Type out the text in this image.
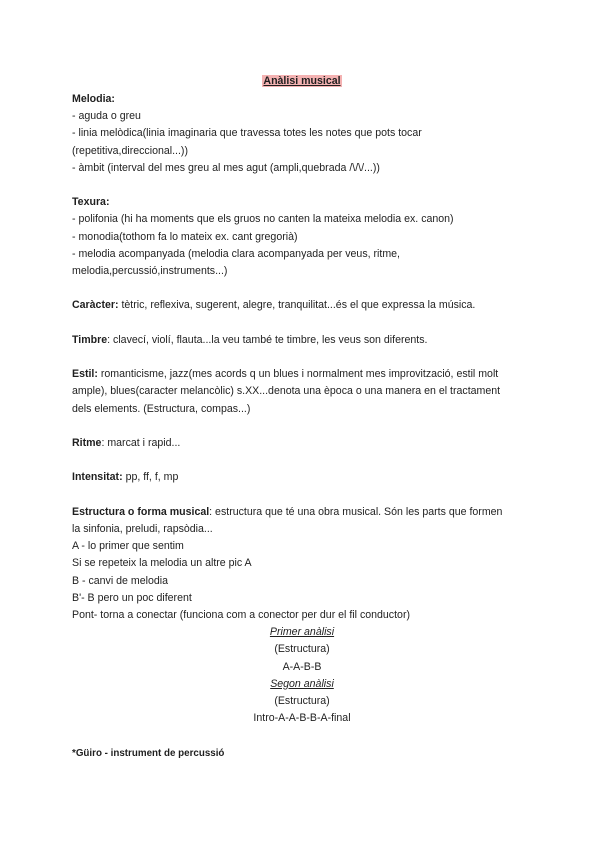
Anàlisi musical
Melodia:
- aguda o greu
- linia melòdica(linia imaginaria que travessa totes les notes que pots tocar
(repetitiva,direccional...))
- àmbit (interval del mes greu al mes agut (ampli,quebrada /\/\/...))
Texura:
- polifonia (hi ha moments que els gruos no canten la mateixa melodia ex. canon)
- monodia(tothom fa lo mateix ex. cant gregorià)
- melodia acompanyada (melodia clara acompanyada per veus, ritme,
melodia,percussió,instruments...)
Caràcter: tètric, reflexiva, sugerent, alegre, tranquilitat...és el que expressa la música.
Timbre: clavecí, violí, flauta...la veu també te timbre, les veus son diferents.
Estil: romanticisme, jazz(mes acords q un blues i normalment mes improvització, estil molt
ample), blues(caracter melancòlic) s.XX...denota una època o una manera en el tractament
dels elements. (Estructura, compas...)
Ritme: marcat i rapid...
Intensitat: pp, ff, f, mp
Estructura o forma musical: estructura que té una obra musical. Són les parts que formen
la sinfonia, preludi, rapsòdia...
A - lo primer que sentim
Si se repeteix la melodia un altre pic A
B - canvi de melodia
B'- B pero un poc diferent
Pont- torna a conectar (funciona com a conector per dur el fil conductor)
Primer anàlisi
(Estructura)
A-A-B-B
Segon anàlisi
(Estructura)
Intro-A-A-B-B-A-final
*Güiro - instrument de percussió
